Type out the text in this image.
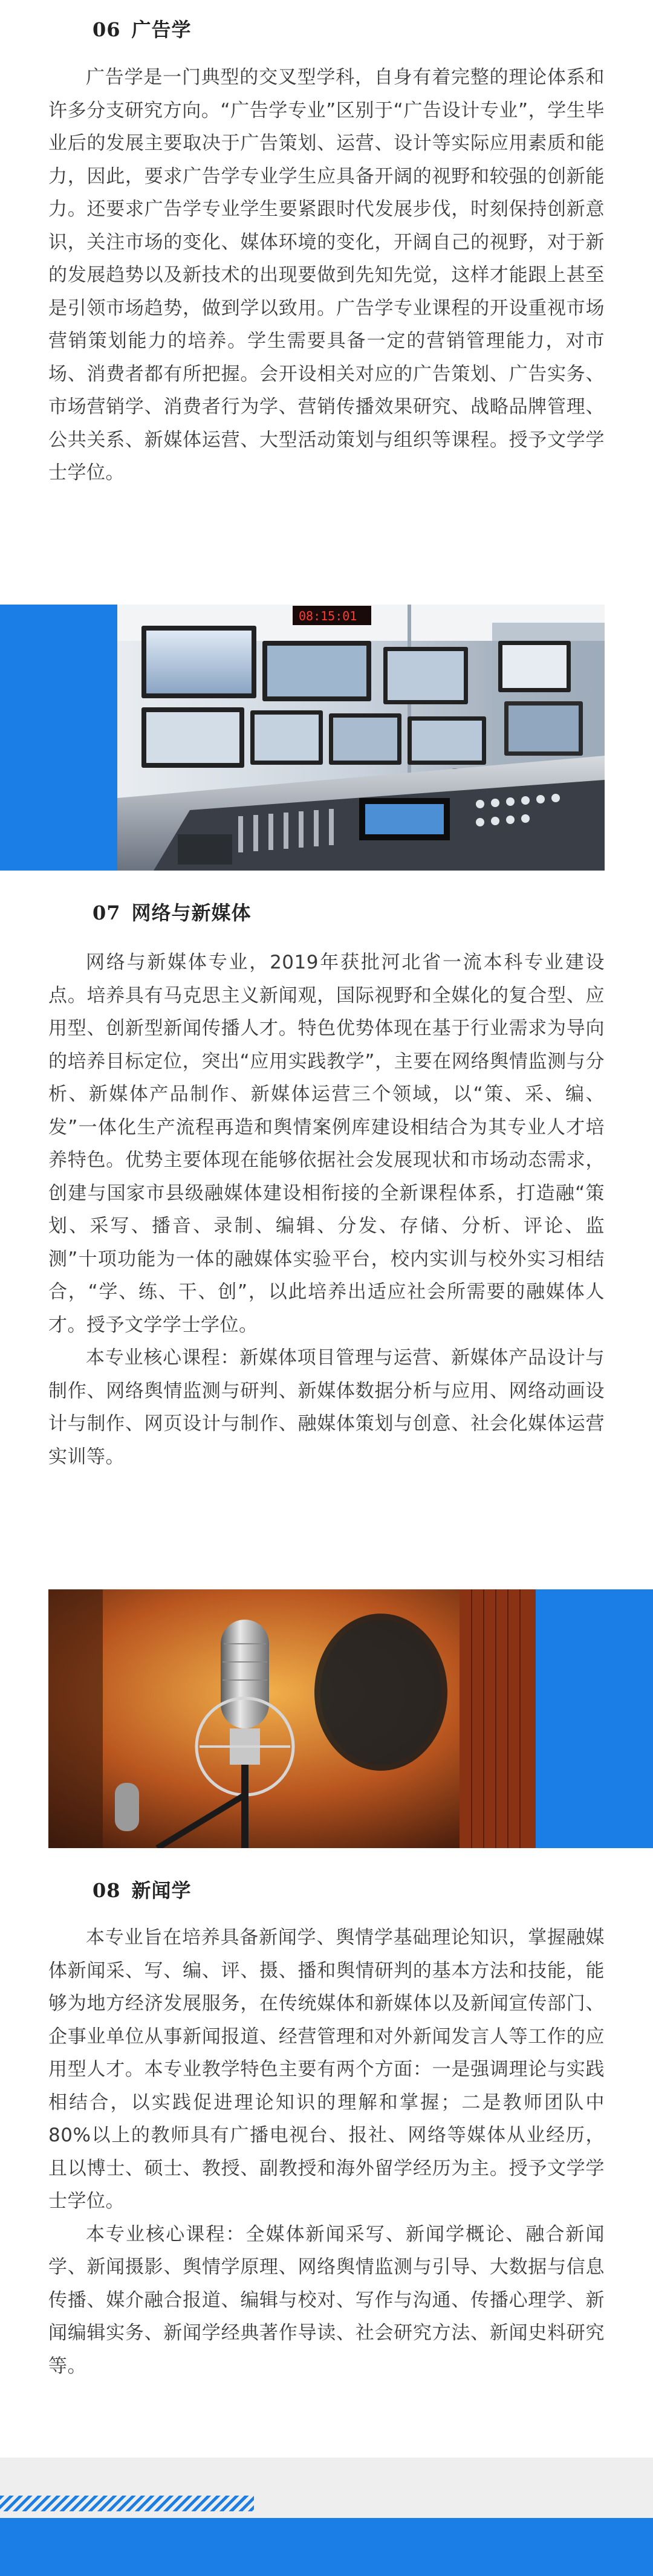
06 广告学

广告学是一门典型的交叉型学科，自身有着完整的理论体系和许多分支研究方向。“广告学专业”区别于“广告设计专业”，学生毕业后的发展主要取决于广告策划、运营、设计等实际应用素质和能力，因此，要求广告学专业学生应具备开阔的视野和较强的创新能力。还要求广告学专业学生要紧跟时代发展步伐，时刻保持创新意识，关注市场的变化、媒体环境的变化，开阔自己的视野，对于新的发展趋势以及新技术的出现要做到先知先觉，这样才能跟上甚至是引领市场趋势，做到学以致用。广告学专业课程的开设重视市场营销策划能力的培养。学生需要具备一定的营销管理能力，对市场、消费者都有所把握。会开设相关对应的广告策划、广告实务、市场营销学、消费者行为学、营销传播效果研究、战略品牌管理、公共关系、新媒体运营、大型活动策划与组织等课程。授予文学学士学位。

08:15:01
07 网络与新媒体

网络与新媒体专业，2019年获批河北省一流本科专业建设点。培养具有马克思主义新闻观，国际视野和全媒化的复合型、应用型、创新型新闻传播人才。特色优势体现在基于行业需求为导向的培养目标定位，突出“应用实践教学”，主要在网络舆情监测与分析、新媒体产品制作、新媒体运营三个领域，以“策、采、编、发”一体化生产流程再造和舆情案例库建设相结合为其专业人才培养特色。优势主要体现在能够依据社会发展现状和市场动态需求，创建与国家市县级融媒体建设相衔接的全新课程体系，打造融“策划、采写、播音、录制、编辑、分发、存储、分析、评论、监测”十项功能为一体的融媒体实验平台，校内实训与校外实习相结合，“学、练、干、创”，以此培养出适应社会所需要的融媒体人才。授予文学学士学位。

本专业核心课程：新媒体项目管理与运营、新媒体产品设计与制作、网络舆情监测与研判、新媒体数据分析与应用、网络动画设计与制作、网页设计与制作、融媒体策划与创意、社会化媒体运营实训等。

08 新闻学

本专业旨在培养具备新闻学、舆情学基础理论知识，掌握融媒体新闻采、写、编、评、摄、播和舆情研判的基本方法和技能，能够为地方经济发展服务，在传统媒体和新媒体以及新闻宣传部门、企事业单位从事新闻报道、经营管理和对外新闻发言人等工作的应用型人才。本专业教学特色主要有两个方面：一是强调理论与实践相结合，以实践促进理论知识的理解和掌握；二是教师团队中80%以上的教师具有广播电视台、报社、网络等媒体从业经历，且以博士、硕士、教授、副教授和海外留学经历为主。授予文学学士学位。

本专业核心课程：全媒体新闻采写、新闻学概论、融合新闻学、新闻摄影、舆情学原理、网络舆情监测与引导、大数据与信息传播、媒介融合报道、编辑与校对、写作与沟通、传播心理学、新闻编辑实务、新闻学经典著作导读、社会研究方法、新闻史料研究等。
